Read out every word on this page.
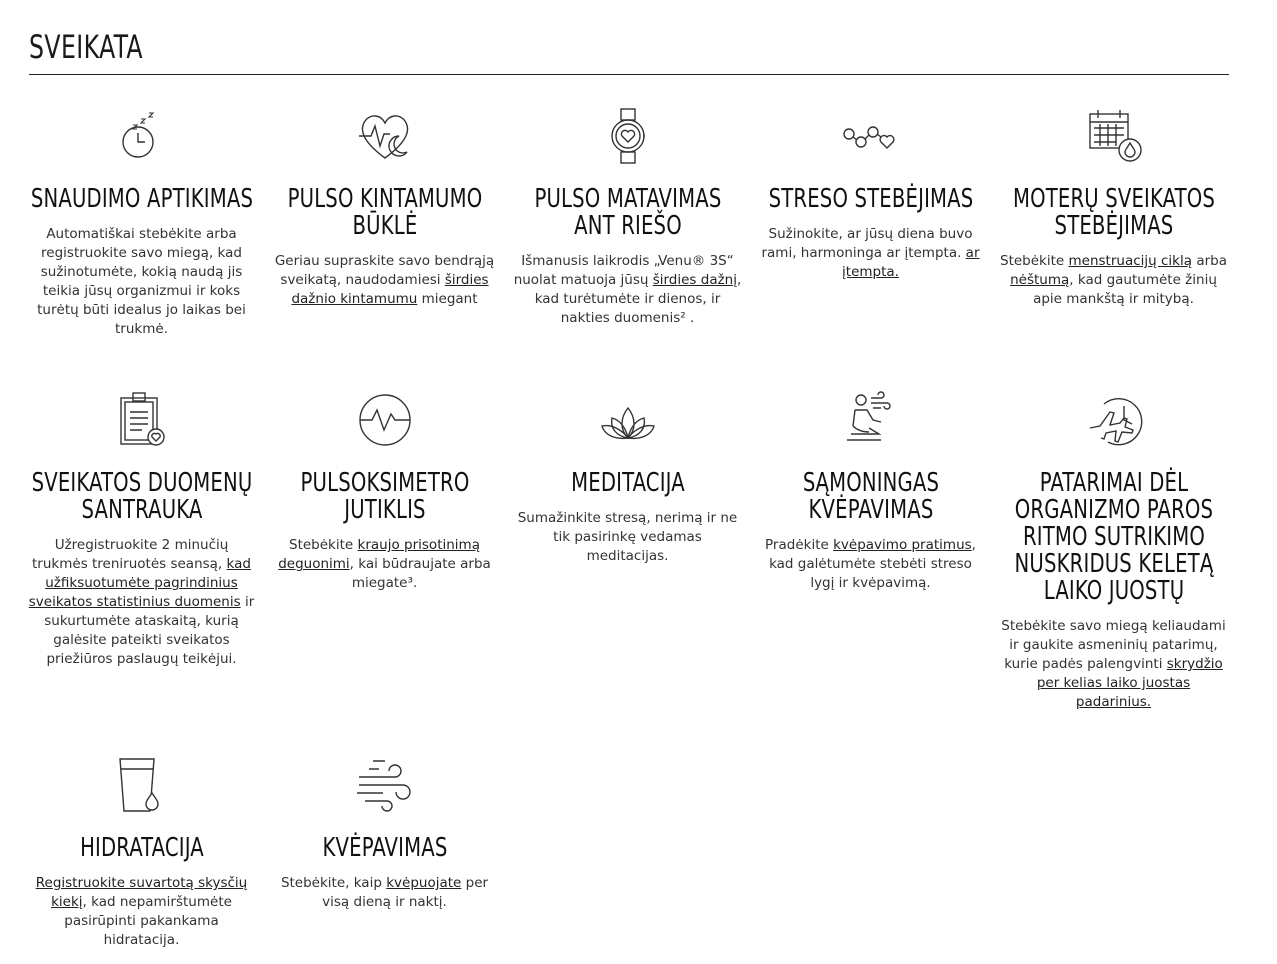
SVEIKATA
SNAUDIMO APTIKIMAS

Automatiškai stebėkite arba registruokite savo miegą, kad sužinotumėte, kokią naudą jis teikia jūsų organizmui ir koks turėtų būti idealus jo laikas bei trukmė.

PULSO KINTAMUMO BŪKLĖ

Geriau supraskite savo bendrąją sveikatą, naudodamiesi širdies dažnio kintamumu miegant

PULSO MATAVIMAS ANT RIEŠO

Išmanusis laikrodis „Venu® 3S“ nuolat matuoja jūsų širdies dažnį, kad turėtumėte ir dienos, ir nakties duomenis² .

STRESO STEBĖJIMAS

Sužinokite, ar jūsų diena buvo rami, harmoninga ar įtempta. ar įtempta.

MOTERŲ SVEIKATOS STEBĖJIMAS

Stebėkite menstruacijų ciklą arba nėštumą, kad gautumėte žinių apie mankštą ir mitybą.

SVEIKATOS DUOMENŲ SANTRAUKA

Užregistruokite 2 minučių trukmės treniruotės seansą, kad užfiksuotumėte pagrindinius sveikatos statistinius duomenis ir sukurtumėte ataskaitą, kurią galėsite pateikti sveikatos priežiūros paslaugų teikėjui.

PULSOKSIMETRO JUTIKLIS

Stebėkite kraujo prisotinimą deguonimi, kai būdraujate arba miegate³.

MEDITACIJA

Sumažinkite stresą, nerimą ir ne tik pasirinkę vedamas meditacijas.

SĄMONINGAS KVĖPAVIMAS

Pradėkite kvėpavimo pratimus, kad galėtumėte stebėti streso lygį ir kvėpavimą.

PATARIMAI DĖL ORGANIZMO PAROS RITMO SUTRIKIMO NUSKRIDUS KELETĄ LAIKO JUOSTŲ

Stebėkite savo miegą keliaudami ir gaukite asmeninių patarimų, kurie padės palengvinti skrydžio per kelias laiko juostas padarinius.

HIDRATACIJA

Registruokite suvartotą skysčių kiekį, kad nepamirštumėte pasirūpinti pakankama hidratacija.

KVĖPAVIMAS

Stebėkite, kaip kvėpuojate per visą dieną ir naktį.
